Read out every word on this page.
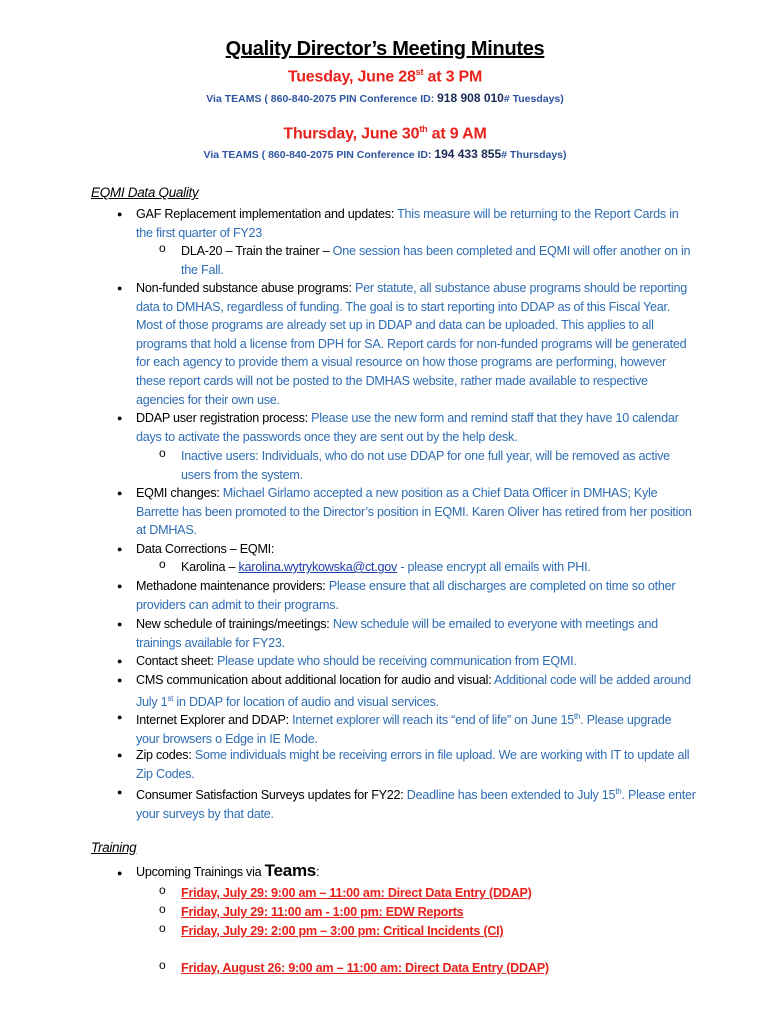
Quality Director’s Meeting Minutes
Tuesday, June 28st at 3 PM
Via TEAMS ( 860-840-2075 PIN Conference ID: 918 908 010# Tuesdays)
Thursday, June 30th at 9 AM
Via TEAMS ( 860-840-2075 PIN Conference ID: 194 433 855# Thursdays)
EQMI Data Quality
● GAF Replacement implementation and updates: This measure will be returning to the Report Cards in the first quarter of FY23
o DLA-20 – Train the trainer – One session has been completed and EQMI will offer another on in the Fall.
● Non-funded substance abuse programs: Per statute, all substance abuse programs should be reporting data to DMHAS, regardless of funding. The goal is to start reporting into DDAP as of this Fiscal Year. Most of those programs are already set up in DDAP and data can be uploaded. This applies to all programs that hold a license from DPH for SA. Report cards for non-funded programs will be generated for each agency to provide them a visual resource on how those programs are performing, however these report cards will not be posted to the DMHAS website, rather made available to respective agencies for their own use.
● DDAP user registration process: Please use the new form and remind staff that they have 10 calendar days to activate the passwords once they are sent out by the help desk.
o Inactive users: Individuals, who do not use DDAP for one full year, will be removed as active users from the system.
● EQMI changes: Michael Girlamo accepted a new position as a Chief Data Officer in DMHAS; Kyle Barrette has been promoted to the Director’s position in EQMI. Karen Oliver has retired from her position at DMHAS.
● Data Corrections – EQMI:
o Karolina – karolina.wytrykowska@ct.gov - please encrypt all emails with PHI.
● Methadone maintenance providers: Please ensure that all discharges are completed on time so other providers can admit to their programs.
● New schedule of trainings/meetings: New schedule will be emailed to everyone with meetings and trainings available for FY23.
● Contact sheet: Please update who should be receiving communication from EQMI.
● CMS communication about additional location for audio and visual: Additional code will be added around July 1st in DDAP for location of audio and visual services.
● Internet Explorer and DDAP: Internet explorer will reach its “end of life” on June 15th. Please upgrade your browsers o Edge in IE Mode.
● Zip codes: Some individuals might be receiving errors in file upload. We are working with IT to update all Zip Codes.
● Consumer Satisfaction Surveys updates for FY22: Deadline has been extended to July 15th. Please enter your surveys by that date.
Training
● Upcoming Trainings via Teams:
o Friday, July 29: 9:00 am – 11:00 am: Direct Data Entry (DDAP)
o Friday, July 29: 11:00 am - 1:00 pm: EDW Reports
o Friday, July 29: 2:00 pm – 3:00 pm: Critical Incidents (CI)
o Friday, August 26: 9:00 am – 11:00 am: Direct Data Entry (DDAP)
